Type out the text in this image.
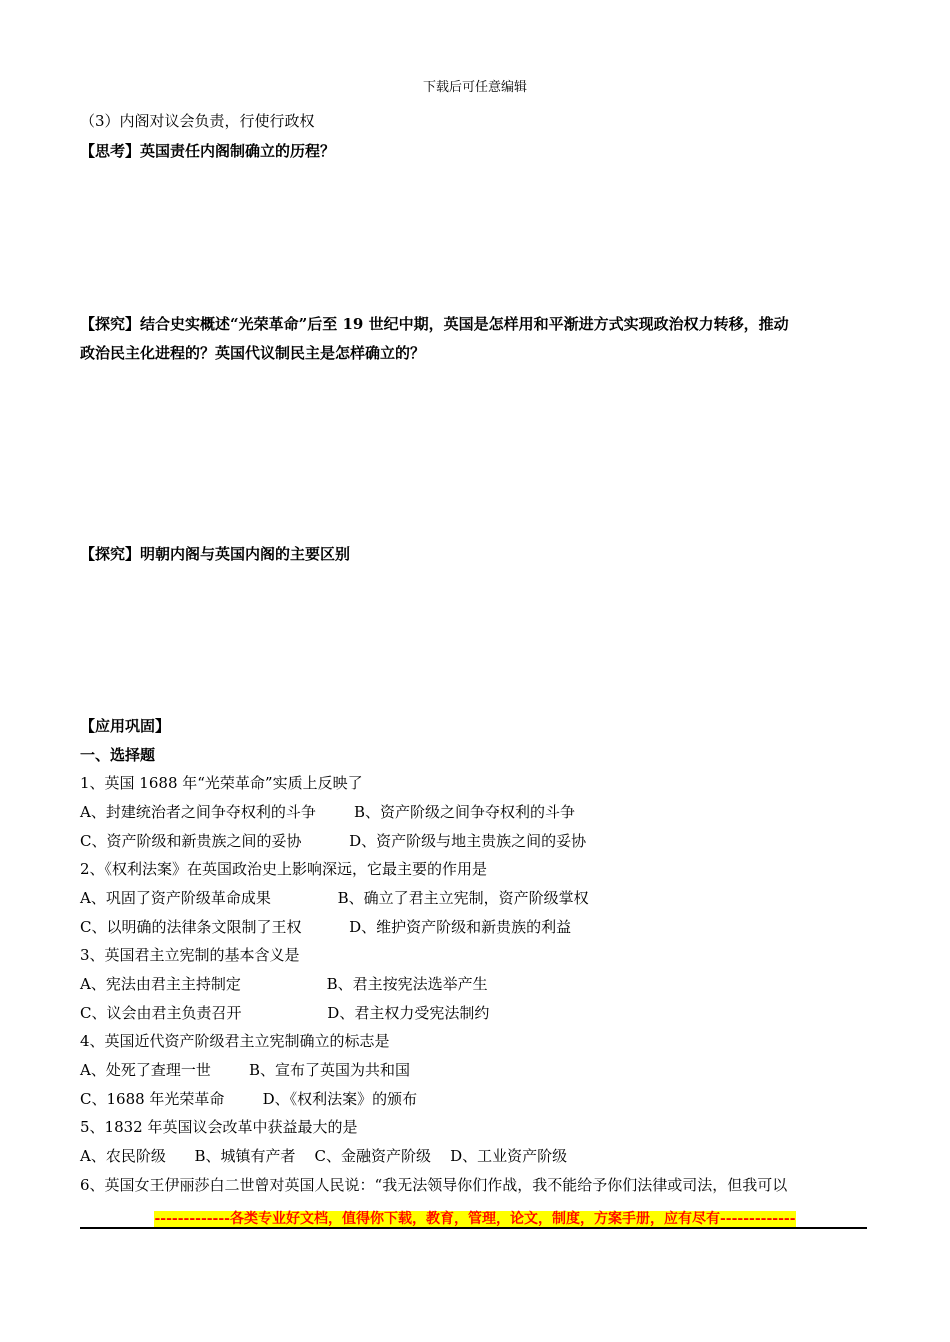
下载后可任意编辑
（3）内阁对议会负责，行使行政权
【思考】英国责任内阁制确立的历程？
【探究】结合史实概述“光荣革命”后至 19 世纪中期，英国是怎样用和平渐进方式实现政治权力转移，推动
政治民主化进程的？英国代议制民主是怎样确立的？
【探究】明朝内阁与英国内阁的主要区别
【应用巩固】
一、选择题
1、英国 1688 年“光荣革命”实质上反映了
A、封建统治者之间争夺权利的斗争        B、资产阶级之间争夺权利的斗争
C、资产阶级和新贵族之间的妥协          D、资产阶级与地主贵族之间的妥协
2、《权利法案》在英国政治史上影响深远，它最主要的作用是
A、巩固了资产阶级革命成果              B、确立了君主立宪制，资产阶级掌权
C、以明确的法律条文限制了王权          D、维护资产阶级和新贵族的利益
3、英国君主立宪制的基本含义是
A、宪法由君主主持制定                  B、君主按宪法选举产生
C、议会由君主负责召开                  D、君主权力受宪法制约
4、英国近代资产阶级君主立宪制确立的标志是
A、处死了查理一世        B、宣布了英国为共和国
C、1688 年光荣革命        D、《权利法案》的颁布
5、1832 年英国议会改革中获益最大的是
A、农民阶级      B、城镇有产者    C、金融资产阶级    D、工业资产阶级
6、英国女王伊丽莎白二世曾对英国人民说：“我无法领导你们作战，我不能给予你们法律或司法，但我可以
-------------各类专业好文档，值得你下载，教育，管理，论文，制度，方案手册，应有尽有-------------
